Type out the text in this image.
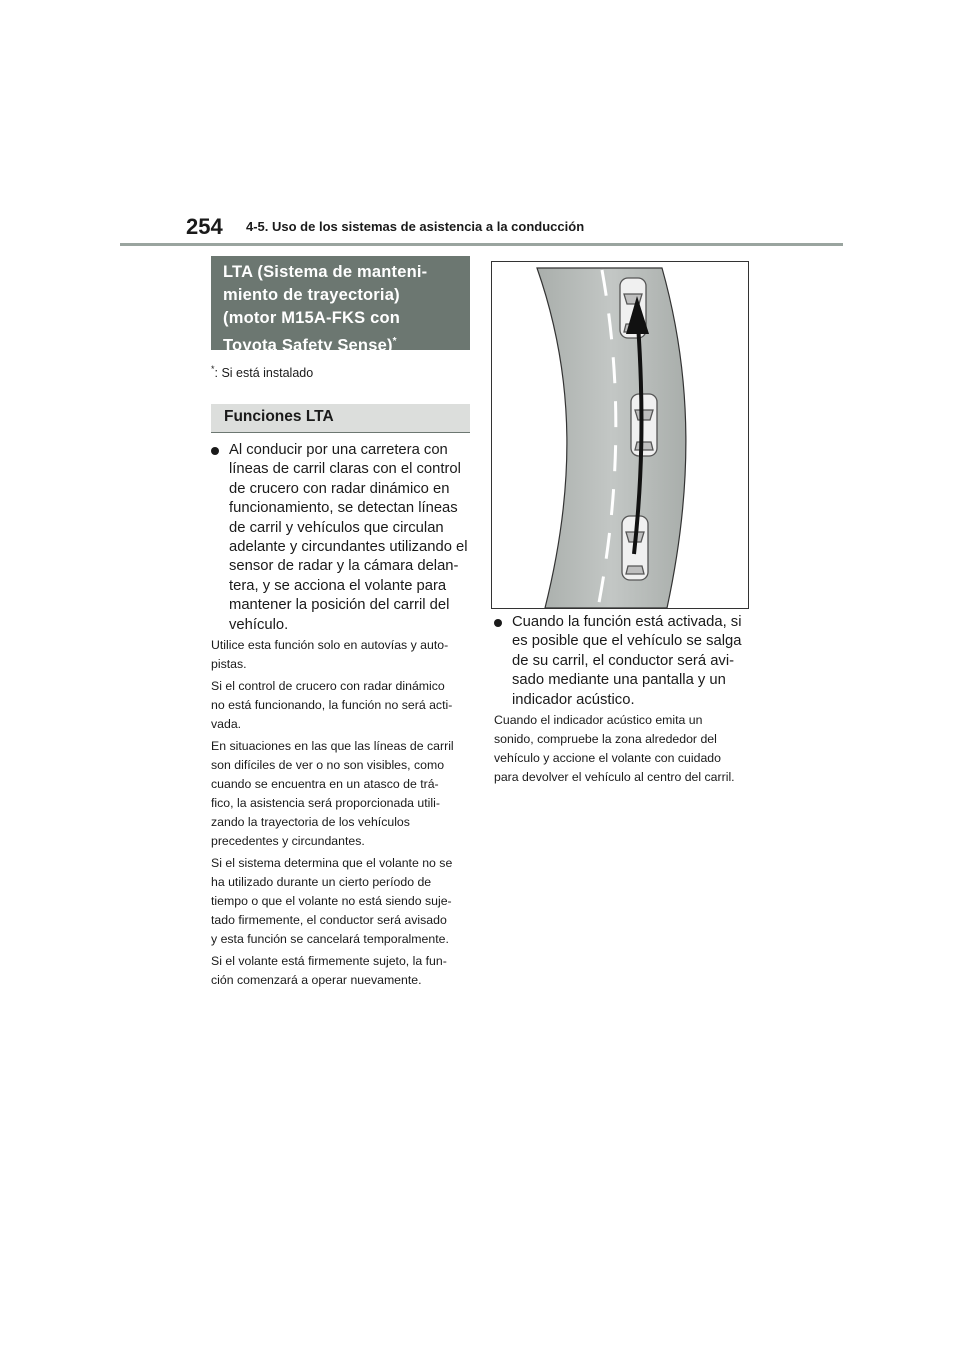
254 4-5. Uso de los sistemas de asistencia a la conducción
LTA (Sistema de manteni-
miento de trayectoria)
(motor M15A-FKS con
Toyota Safety Sense)*
*: Si está instalado
Funciones LTA
Al conducir por una carretera con
líneas de carril claras con el control
de crucero con radar dinámico en
funcionamiento, se detectan líneas
de carril y vehículos que circulan
adelante y circundantes utilizando el
sensor de radar y la cámara delan-
tera, y se acciona el volante para
mantener la posición del carril del
vehículo.
Utilice esta función solo en autovías y auto-
pistas.
Si el control de crucero con radar dinámico
no está funcionando, la función no será acti-
vada.
En situaciones en las que las líneas de carril
son difíciles de ver o no son visibles, como
cuando se encuentra en un atasco de trá-
fico, la asistencia será proporcionada utili-
zando la trayectoria de los vehículos
precedentes y circundantes.
Si el sistema determina que el volante no se
ha utilizado durante un cierto período de
tiempo o que el volante no está siendo suje-
tado firmemente, el conductor será avisado
y esta función se cancelará temporalmente.
Si el volante está firmemente sujeto, la fun-
ción comenzará a operar nuevamente.
Cuando la función está activada, si
es posible que el vehículo se salga
de su carril, el conductor será avi-
sado mediante una pantalla y un
indicador acústico.
Cuando el indicador acústico emita un
sonido, compruebe la zona alrededor del
vehículo y accione el volante con cuidado
para devolver el vehículo al centro del carril.
